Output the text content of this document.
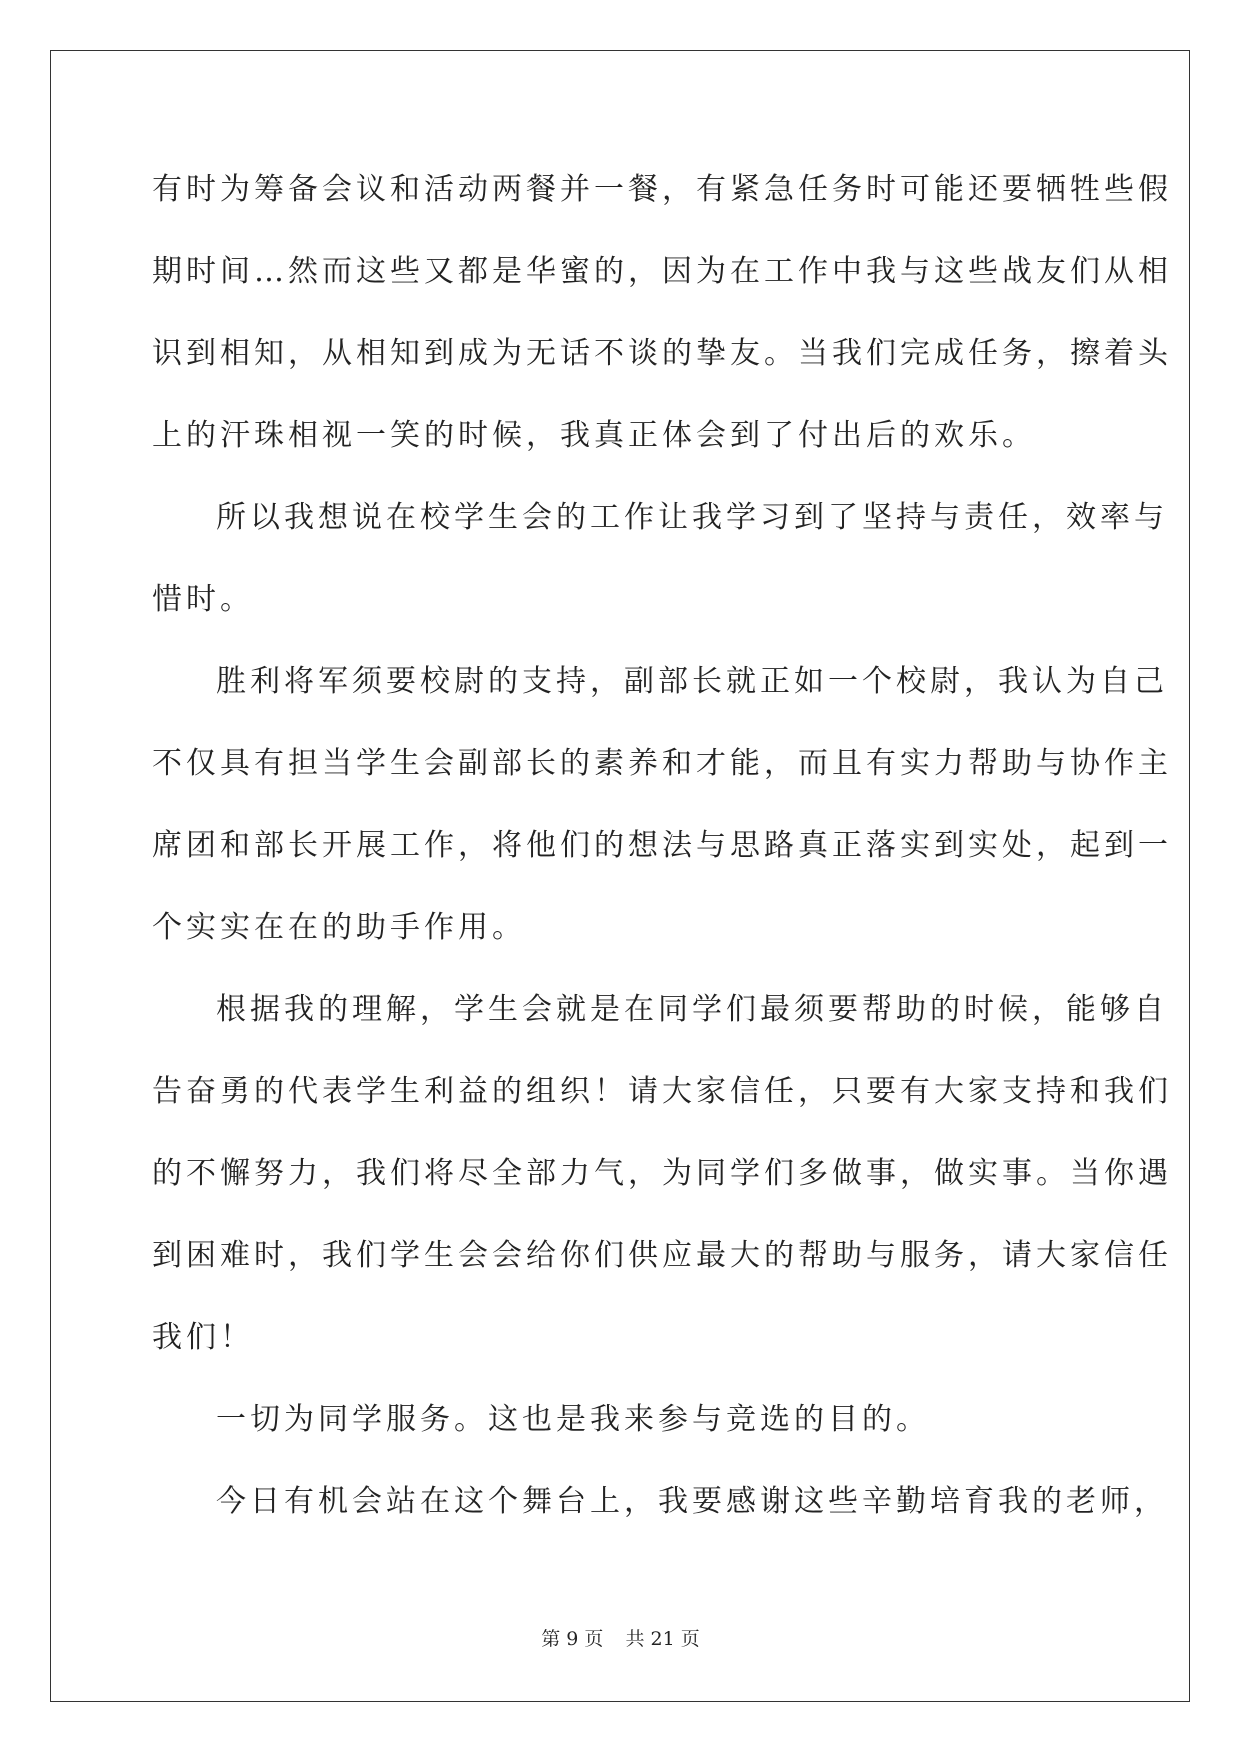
有时为筹备会议和活动两餐并一餐，有紧急任务时可能还要牺牲些假
期时间…然而这些又都是华蜜的，因为在工作中我与这些战友们从相
识到相知，从相知到成为无话不谈的挚友。当我们完成任务，擦着头
上的汗珠相视一笑的时候，我真正体会到了付出后的欢乐。
所以我想说在校学生会的工作让我学习到了坚持与责任，效率与
惜时。
胜利将军须要校尉的支持，副部长就正如一个校尉，我认为自己
不仅具有担当学生会副部长的素养和才能，而且有实力帮助与协作主
席团和部长开展工作，将他们的想法与思路真正落实到实处，起到一
个实实在在的助手作用。
根据我的理解，学生会就是在同学们最须要帮助的时候，能够自
告奋勇的代表学生利益的组织！请大家信任，只要有大家支持和我们
的不懈努力，我们将尽全部力气，为同学们多做事，做实事。当你遇
到困难时，我们学生会会给你们供应最大的帮助与服务，请大家信任
我们！
一切为同学服务。这也是我来参与竞选的目的。
今日有机会站在这个舞台上，我要感谢这些辛勤培育我的老师，
第 9 页 共 21 页
